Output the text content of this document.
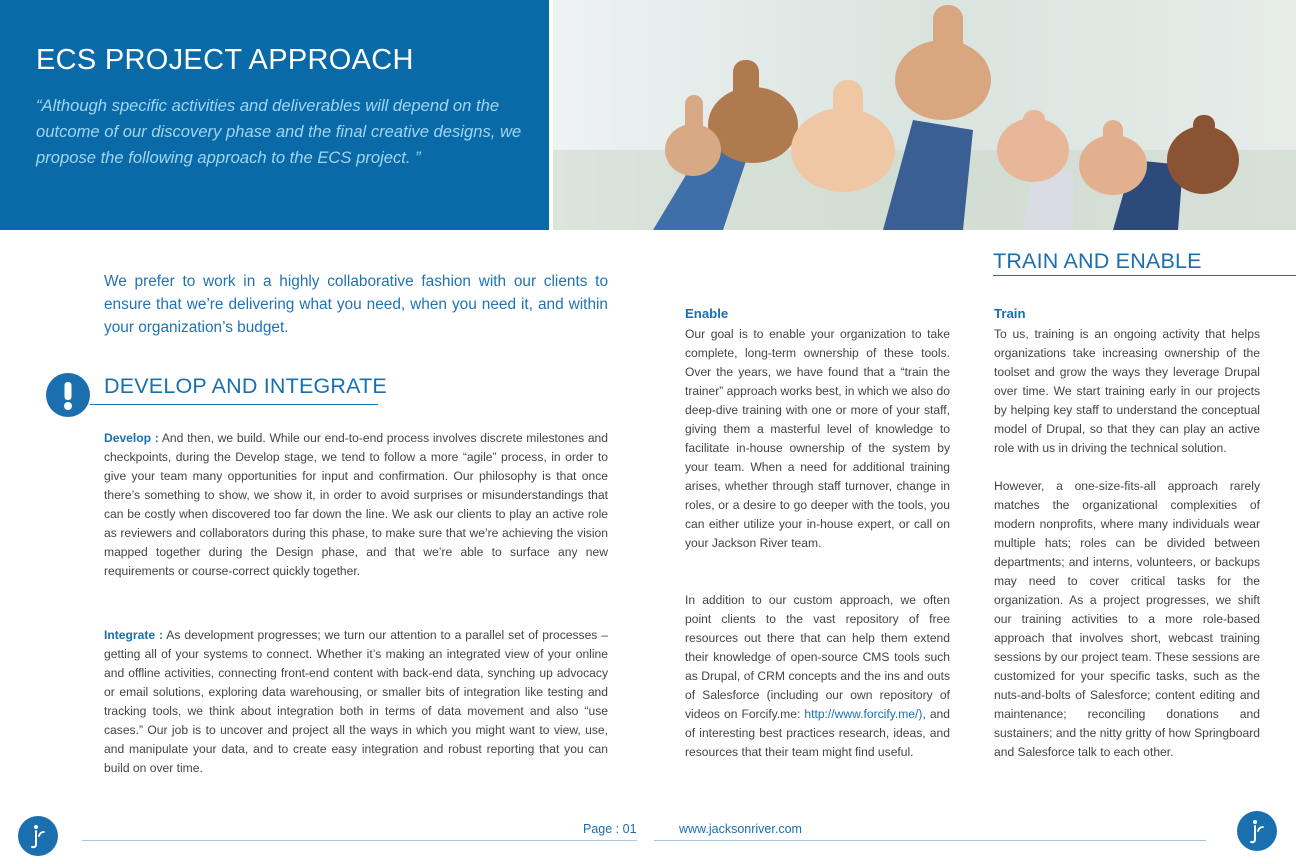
ECS PROJECT APPROACH
“Although specific activities and deliverables will depend on the outcome of our discovery phase and the final creative designs, we propose the following approach to the ECS project. ”
We prefer to work in a highly collaborative fashion with our clients to ensure that we’re delivering what you need, when you need it, and within your organization’s budget.
DEVELOP AND INTEGRATE
Develop : And then, we build. While our end-to-end process involves discrete milestones and checkpoints, during the Develop stage, we tend to follow a more “agile” process, in order to give your team many opportunities for input and confirmation. Our philosophy is that once there’s something to show, we show it, in order to avoid surprises or misunderstandings that can be costly when discovered too far down the line. We ask our clients to play an active role as reviewers and collaborators during this phase, to make sure that we’re achieving the vision mapped together during the Design phase, and that we’re able to surface any new requirements or course-correct quickly together.
Integrate : As development progresses; we turn our attention to a parallel set of processes – getting all of your systems to connect. Whether it’s making an integrated view of your online and offline activities, connecting front-end content with back-end data, synching up advocacy or email solutions, exploring data warehousing, or smaller bits of integration like testing and tracking tools, we think about integration both in terms of data movement and also “use cases.” Our job is to uncover and project all the ways in which you might want to view, use, and manipulate your data, and to create easy integration and robust reporting that you can build on over time.
TRAIN AND ENABLE
Enable
Our goal is to enable your organization to take complete, long-term ownership of these tools. Over the years, we have found that a “train the trainer” approach works best, in which we also do deep-dive training with one or more of your staff, giving them a masterful level of knowledge to facilitate in-house ownership of the system by your team. When a need for additional training arises, whether through staff turnover, change in roles, or a desire to go deeper with the tools, you can either utilize your in-house expert, or call on your Jackson River team.
In addition to our custom approach, we often point clients to the vast repository of free resources out there that can help them extend their knowledge of open-source CMS tools such as Drupal, of CRM concepts and the ins and outs of Salesforce (including our own repository of videos on Forcify.me: http://www.forcify.me/), and of interesting best practices research, ideas, and resources that their team might find useful.
Train
To us, training is an ongoing activity that helps organizations take increasing ownership of the toolset and grow the ways they leverage Drupal over time. We start training early in our projects by helping key staff to understand the conceptual model of Drupal, so that they can play an active role with us in driving the technical solution.
However, a one-size-fits-all approach rarely matches the organizational complexities of modern nonprofits, where many individuals wear multiple hats; roles can be divided between departments; and interns, volunteers, or backups may need to cover critical tasks for the organization. As a project progresses, we shift our training activities to a more role-based approach that involves short, webcast training sessions by our project team. These sessions are customized for your specific tasks, such as the nuts-and-bolts of Salesforce; content editing and maintenance; reconciling donations and sustainers; and the nitty gritty of how Springboard and Salesforce talk to each other.
Page : 01	www.jacksonriver.com
